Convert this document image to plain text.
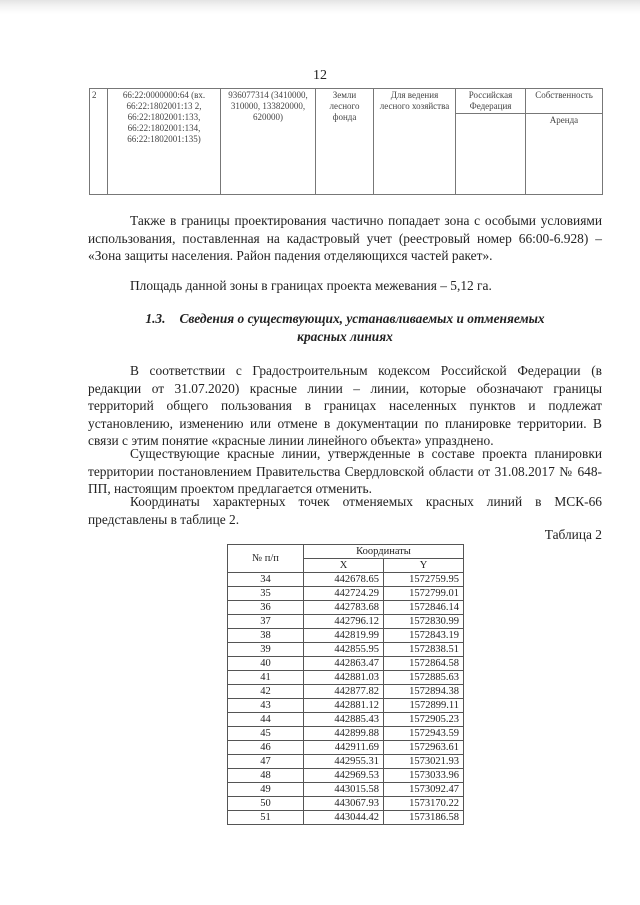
12
2	66:22:0000000:64 (вх. 66:22:1802001:13 2, 66:22:1802001:133, 66:22:1802001:134, 66:22:1802001:135)	936077314 (3410000, 310000, 133820000, 620000)	Земли лесного фонда	Для ведения лесного хозяйства	Российская Федерация	Собственность
						Аренда

Также в границы проектирования частично попадает зона с особыми условиями использования, поставленная на кадастровый учет (реестровый номер 66:00-6.928) – «Зона защиты населения. Район падения отделяющихся частей ракет».

Площадь данной зоны в границах проекта межевания – 5,12 га.

1.3. Сведения о существующих, устанавливаемых и отменяемых
красных линиях

В соответствии с Градостроительным кодексом Российской Федерации (в редакции от 31.07.2020) красные линии – линии, которые обозначают границы территорий общего пользования в границах населенных пунктов и подлежат установлению, изменению или отмене в документации по планировке территории. В связи с этим понятие «красные линии линейного объекта» упразднено.

Существующие красные линии, утвержденные в составе проекта планировки территории постановлением Правительства Свердловской области от 31.08.2017 № 648-ПП, настоящим проектом предлагается отменить.

Координаты характерных точек отменяемых красных линий в МСК-66 представлены в таблице 2.

Таблица 2
№ п/п	Координаты	
	X	Y
34	442678.65	1572759.95
35	442724.29	1572799.01
36	442783.68	1572846.14
37	442796.12	1572830.99
38	442819.99	1572843.19
39	442855.95	1572838.51
40	442863.47	1572864.58
41	442881.03	1572885.63
42	442877.82	1572894.38
43	442881.12	1572899.11
44	442885.43	1572905.23
45	442899.88	1572943.59
46	442911.69	1572963.61
47	442955.31	1573021.93
48	442969.53	1573033.96
49	443015.58	1573092.47
50	443067.93	1573170.22
51	443044.42	1573186.58
